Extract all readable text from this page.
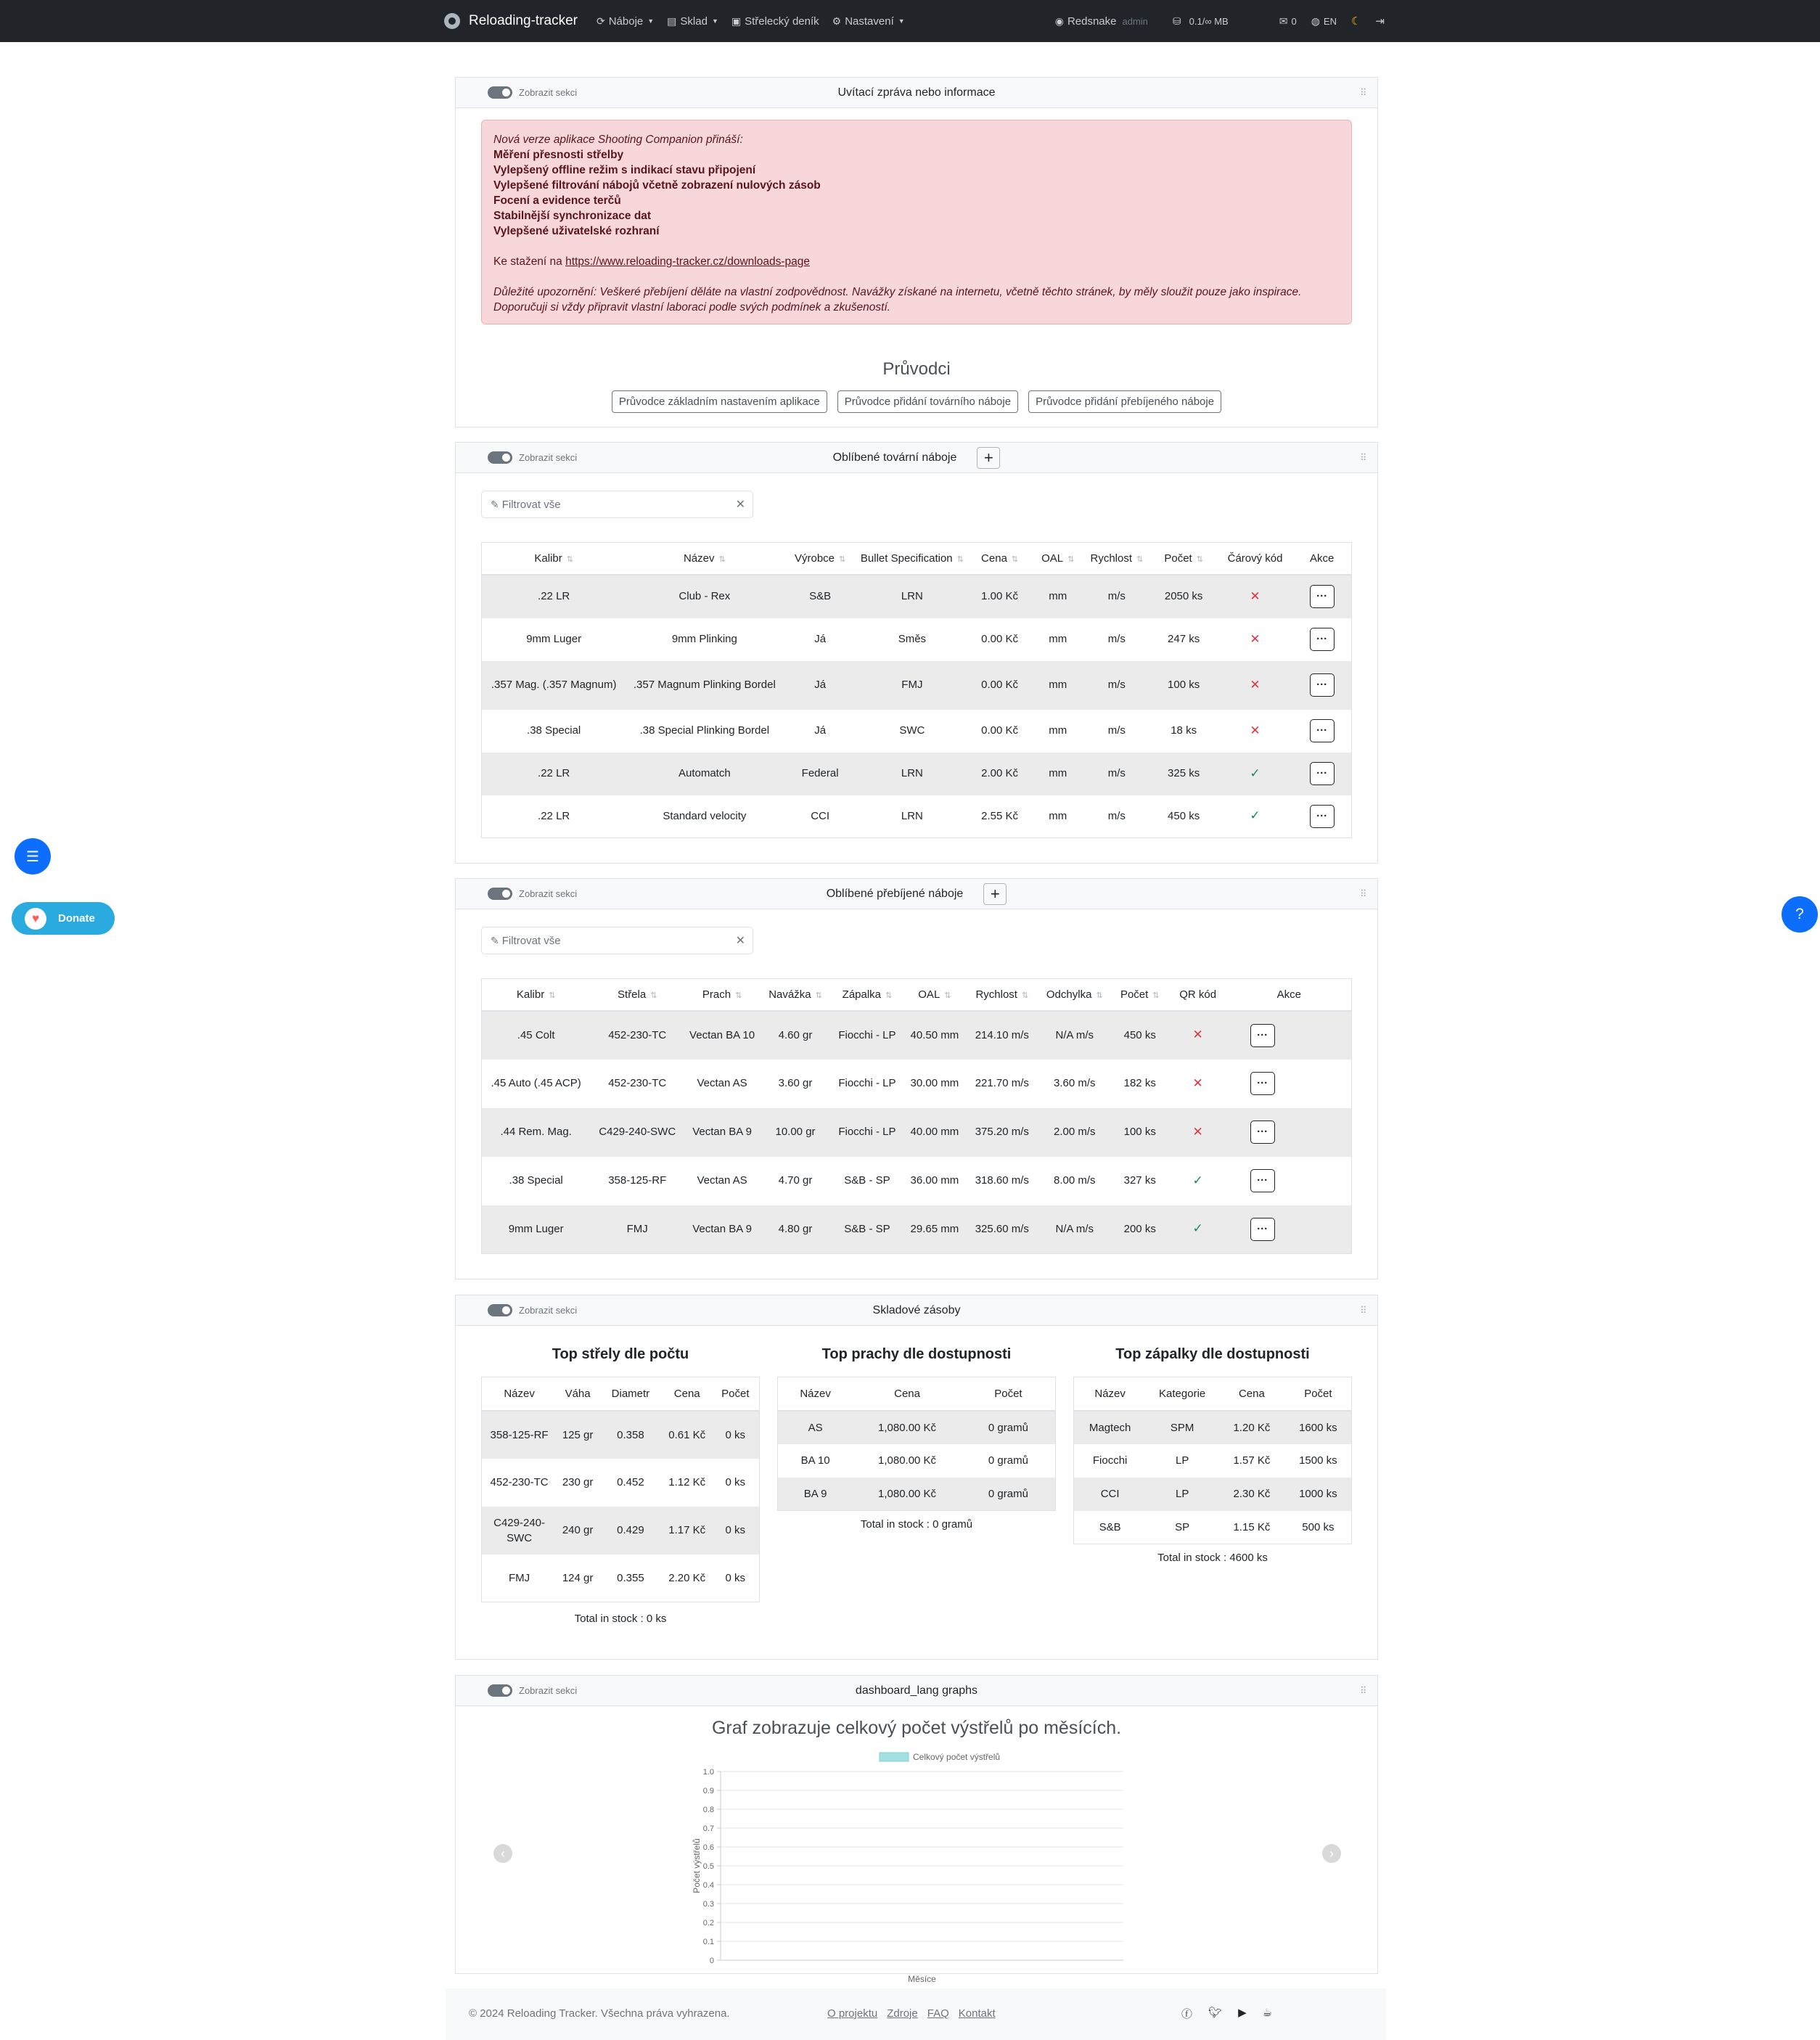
Reloading-tracker ⟳ Náboje ▼ ▤ Sklad ▼ ▣ Střelecký deník ⚙ Nastavení ▼	◉ Redsnake admin ⛁ 0.1/∞ MB	✉ 0 ◍ EN ☾ ⇥
Zobrazit sekci	Uvítací zpráva nebo informace	⠿
Nová verze aplikace Shooting Companion přináší:
Měření přesnosti střelby
Vylepšený offline režim s indikací stavu připojení
Vylepšené filtrování nábojů včetně zobrazení nulových zásob
Focení a evidence terčů
Stabilnější synchronizace dat
Vylepšené uživatelské rozhraní
Ke stažení na https://www.reloading-tracker.cz/downloads-page
Důležité upozornění: Veškeré přebíjení děláte na vlastní zodpovědnost. Navážky získané na internetu, včetně těchto stránek, by měly sloužit pouze jako inspirace.
Doporučuji si vždy připravit vlastní laboraci podle svých podmínek a zkušeností.
Průvodci
Průvodce základním nastavením aplikace	Průvodce přidání továrního náboje	Průvodce přidání přebíjeného náboje
Zobrazit sekci	Oblíbené tovární náboje	+	⠿
✎ Filtrovat vše	✕
Kalibr ⇅	Název ⇅	Výrobce ⇅	Bullet Specification ⇅	Cena ⇅	OAL ⇅	Rychlost ⇅	Počet ⇅	Čárový kód	Akce
.22 LR	Club - Rex	S&B	LRN	1.00 Kč	mm	m/s	2050 ks	✕	···
9mm Luger	9mm Plinking	Já	Směs	0.00 Kč	mm	m/s	247 ks	✕	···
.357 Mag. (.357 Magnum)	.357 Magnum Plinking Bordel	Já	FMJ	0.00 Kč	mm	m/s	100 ks	✕	···
.38 Special	.38 Special Plinking Bordel	Já	SWC	0.00 Kč	mm	m/s	18 ks	✕	···
.22 LR	Automatch	Federal	LRN	2.00 Kč	mm	m/s	325 ks	✓	···
.22 LR	Standard velocity	CCI	LRN	2.55 Kč	mm	m/s	450 ks	✓	···
Zobrazit sekci	Oblíbené přebíjené náboje	+	⠿
✎ Filtrovat vše	✕
Kalibr ⇅	Střela ⇅	Prach ⇅	Navážka ⇅	Zápalka ⇅	OAL ⇅	Rychlost ⇅	Odchylka ⇅	Počet ⇅	QR kód	Akce
.45 Colt	452-230-TC	Vectan BA 10	4.60 gr	Fiocchi - LP	40.50 mm	214.10 m/s	N/A m/s	450 ks	✕	···
.45 Auto (.45 ACP)	452-230-TC	Vectan AS	3.60 gr	Fiocchi - LP	30.00 mm	221.70 m/s	3.60 m/s	182 ks	✕	···
.44 Rem. Mag.	C429-240-SWC	Vectan BA 9	10.00 gr	Fiocchi - LP	40.00 mm	375.20 m/s	2.00 m/s	100 ks	✕	···
.38 Special	358-125-RF	Vectan AS	4.70 gr	S&B - SP	36.00 mm	318.60 m/s	8.00 m/s	327 ks	✓	···
9mm Luger	FMJ	Vectan BA 9	4.80 gr	S&B - SP	29.65 mm	325.60 m/s	N/A m/s	200 ks	✓	···
Zobrazit sekci	Skladové zásoby	⠿
Top střely dle počtu
Název	Váha	Diametr	Cena	Počet
358-125-RF	125 gr	0.358	0.61 Kč	0 ks
452-230-TC	230 gr	0.452	1.12 Kč	0 ks
C429-240-SWC	240 gr	0.429	1.17 Kč	0 ks
FMJ	124 gr	0.355	2.20 Kč	0 ks
Total in stock : 0 ks
Top prachy dle dostupnosti
Název	Cena	Počet
AS	1,080.00 Kč	0 gramů
BA 10	1,080.00 Kč	0 gramů
BA 9	1,080.00 Kč	0 gramů
Total in stock : 0 gramů
Top zápalky dle dostupnosti
Název	Kategorie	Cena	Počet
Magtech	SPM	1.20 Kč	1600 ks
Fiocchi	LP	1.57 Kč	1500 ks
CCI	LP	2.30 Kč	1000 ks
S&B	SP	1.15 Kč	500 ks
Total in stock : 4600 ks
Zobrazit sekci	dashboard_lang graphs	⠿
Graf zobrazuje celkový počet výstřelů po měsících.
‹	›
0
0.1
0.2
0.3
0.4
0.5
0.6
0.7
0.8
0.9
1.0
Celkový počet výstřelů
Měsíce
Počet výstřelů
© 2024 Reloading Tracker. Všechna práva vyhrazena.	O projektu Zdroje FAQ Kontakt	ⓕ 🐦︎ ▶ ☕︎
☰
♥	Donate	?
